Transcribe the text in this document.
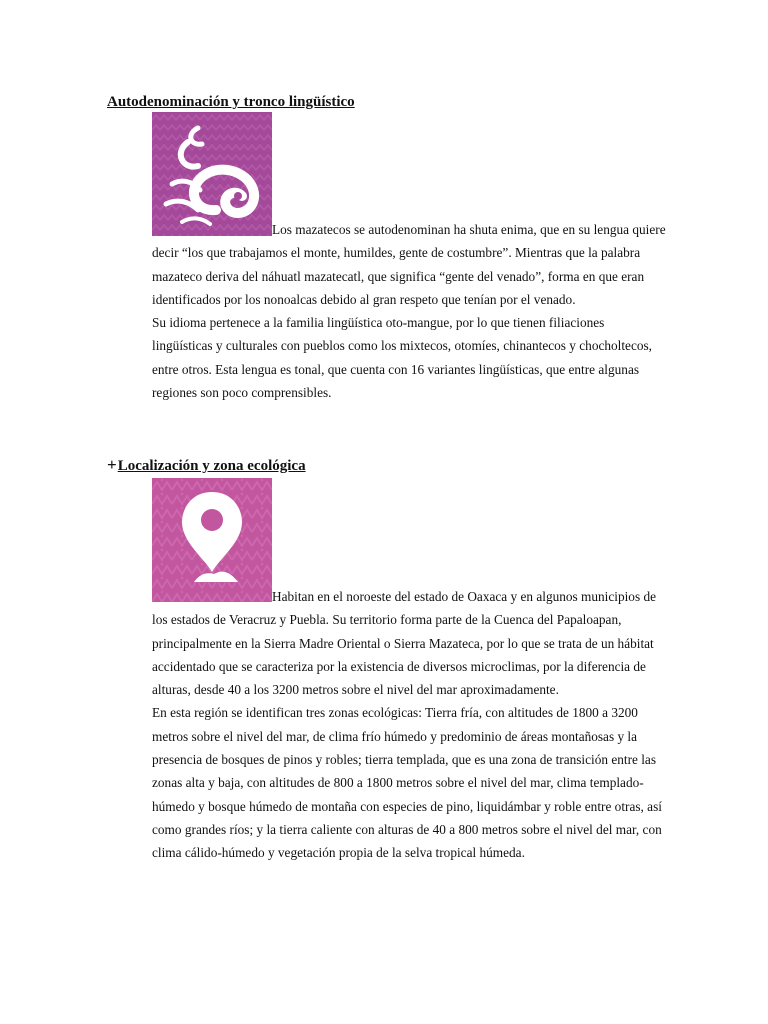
Autodenominación y tronco lingüístico

Los mazatecos se autodenominan ha shuta enima, que en su lengua quiere decir “los que trabajamos el monte, humildes, gente de costumbre”. Mientras que la palabra mazateco deriva del náhuatl mazatecatl, que significa “gente del venado”, forma en que eran identificados por los nonoalcas debido al gran respeto que tenían por el venado.

Su idioma pertenece a la familia lingüística oto-mangue, por lo que tienen filiaciones lingüísticas y culturales con pueblos como los mixtecos, otomíes, chinantecos y chocholtecos, entre otros. Esta lengua es tonal, que cuenta con 16 variantes lingüísticas, que entre algunas regiones son poco comprensibles.

+Localización y zona ecológica

Habitan en el noroeste del estado de Oaxaca y en algunos municipios de los estados de Veracruz y Puebla. Su territorio forma parte de la Cuenca del Papaloapan, principalmente en la Sierra Madre Oriental o Sierra Mazateca, por lo que se trata de un hábitat accidentado que se caracteriza por la existencia de diversos microclimas, por la diferencia de alturas, desde 40 a los 3200 metros sobre el nivel del mar aproximadamente.

En esta región se identifican tres zonas ecológicas: Tierra fría, con altitudes de 1800 a 3200 metros sobre el nivel del mar, de clima frío húmedo y predominio de áreas montañosas y la presencia de bosques de pinos y robles; tierra templada, que es una zona de transición entre las zonas alta y baja, con altitudes de 800 a 1800 metros sobre el nivel del mar, clima templado-húmedo y bosque húmedo de montaña con especies de pino, liquidámbar y roble entre otras, así como grandes ríos; y la tierra caliente con alturas de 40 a 800 metros sobre el nivel del mar, con clima cálido-húmedo y vegetación propia de la selva tropical húmeda.
